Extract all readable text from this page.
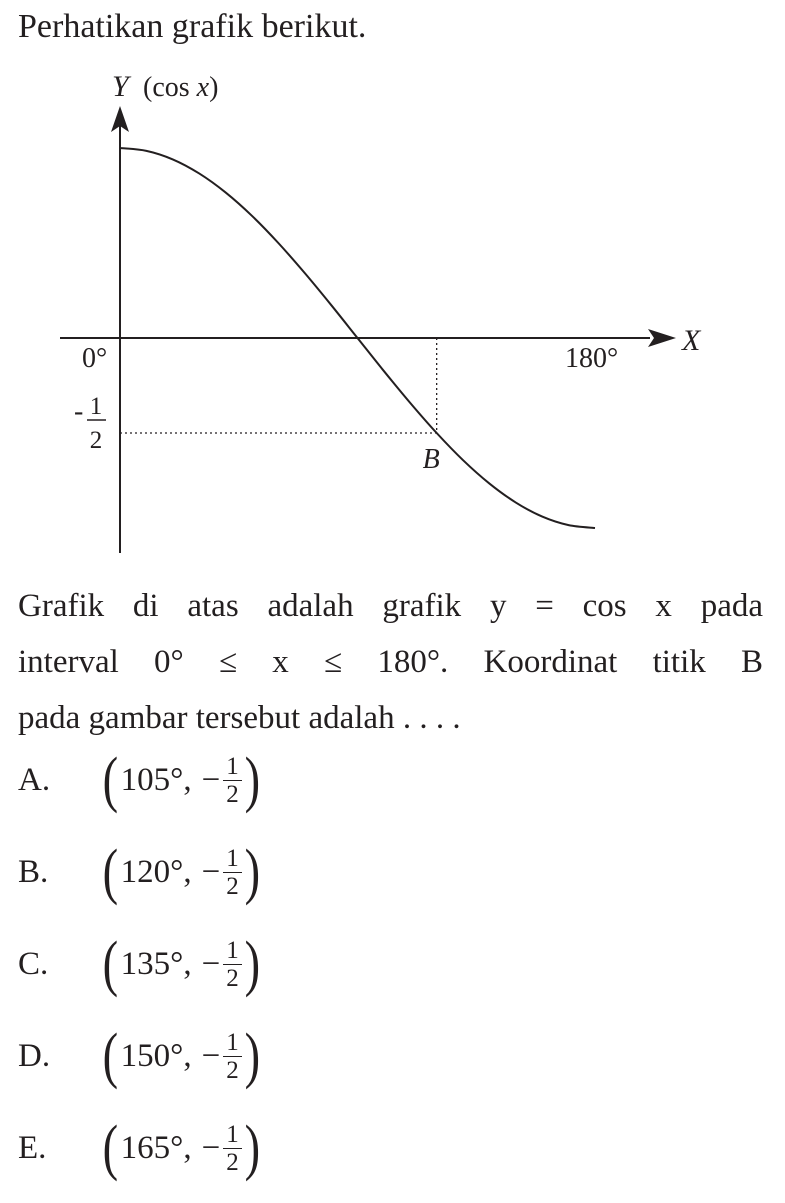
Perhatikan grafik berikut.
Y (cos x)
X
0°	180°
- 1
2
B

Grafik di atas adalah grafik y = cos x pada
interval 0° ≤ x ≤ 180°. Koordinat titik B

pada gambar tersebut adalah . . . .

A. ( 105° , − $\frac{1}{2}$ )
B. ( 120° , − $\frac{1}{2}$ )
C. ( 135° , − $\frac{1}{2}$ )
D. ( 150° , − $\frac{1}{2}$ )
E. ( 165° , − $\frac{1}{2}$ )
